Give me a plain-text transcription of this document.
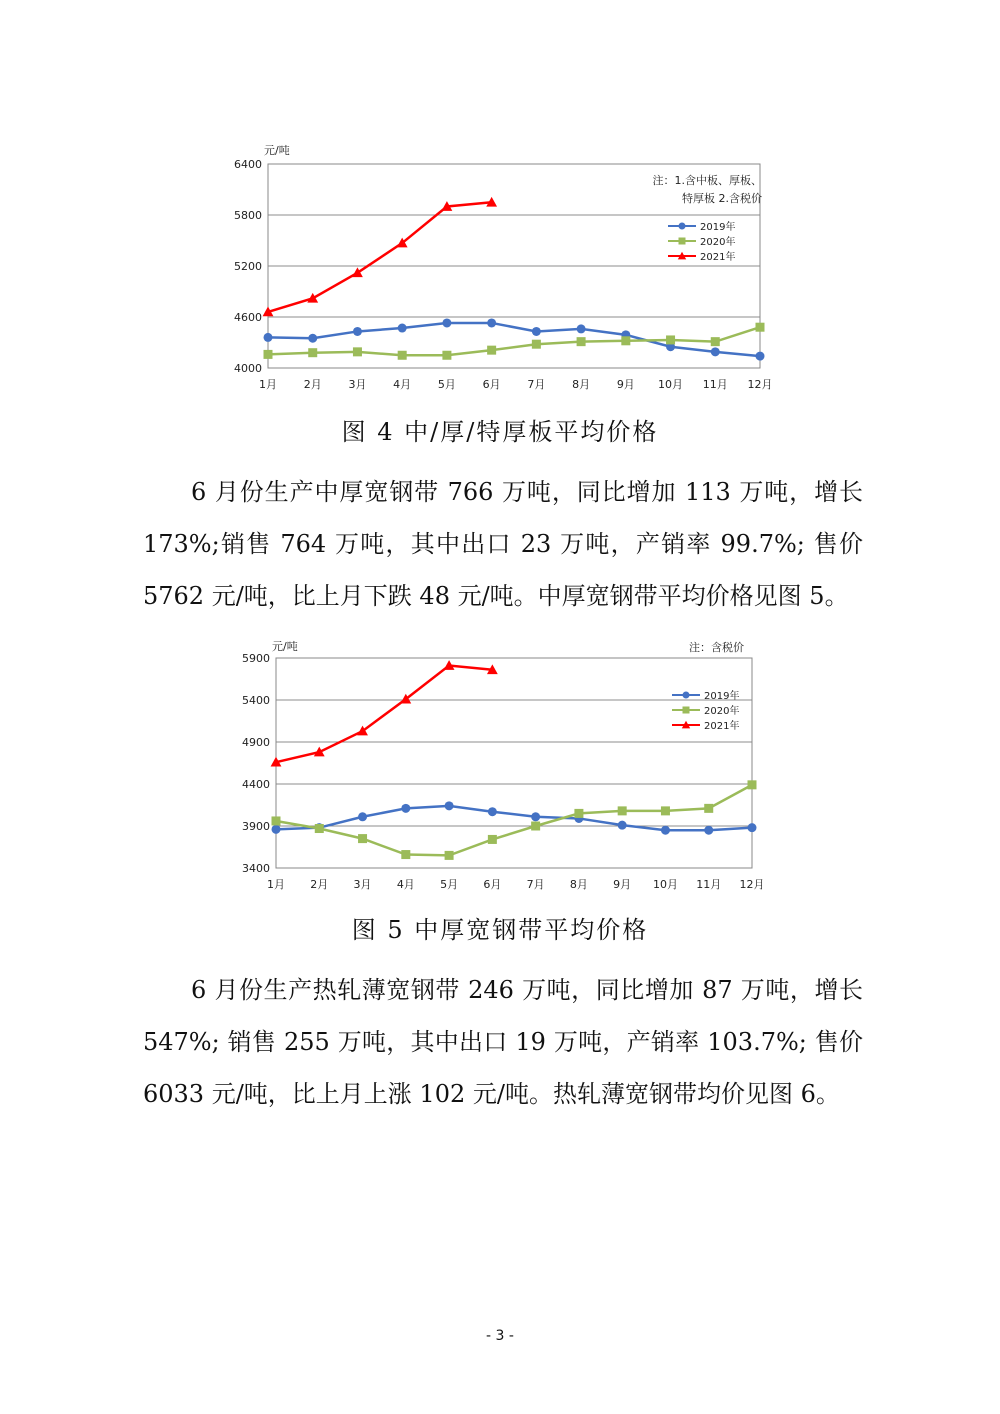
4000
4600
5200
5800
6400
元/吨
1月 2月 3月 4月 5月 6月 7月 8月 9月 10月 11月 12月
注：1.含中板、厚板、
特厚板 2.含税价
2019年
2020年
2021年
图 4 中/厚/特厚板平均价格

6 月份生产中厚宽钢带 766 万吨，同比增加 113 万吨，增长 173%;销售 764 万吨，其中出口 23 万吨，产销率 99.7%; 售价 5762 元/吨，比上月下跌 48 元/吨。中厚宽钢带平均价格见图 5。

3400
3900
4400
4900
5400
5900
元/吨
1月 2月 3月 4月 5月 6月 7月 8月 9月 10月 11月 12月
注：含税价
2019年
2020年
2021年
图 5 中厚宽钢带平均价格

6 月份生产热轧薄宽钢带 246 万吨，同比增加 87 万吨，增长 547%; 销售 255 万吨，其中出口 19 万吨，产销率 103.7%; 售价 6033 元/吨，比上月上涨 102 元/吨。热轧薄宽钢带均价见图 6。

- 3 -
